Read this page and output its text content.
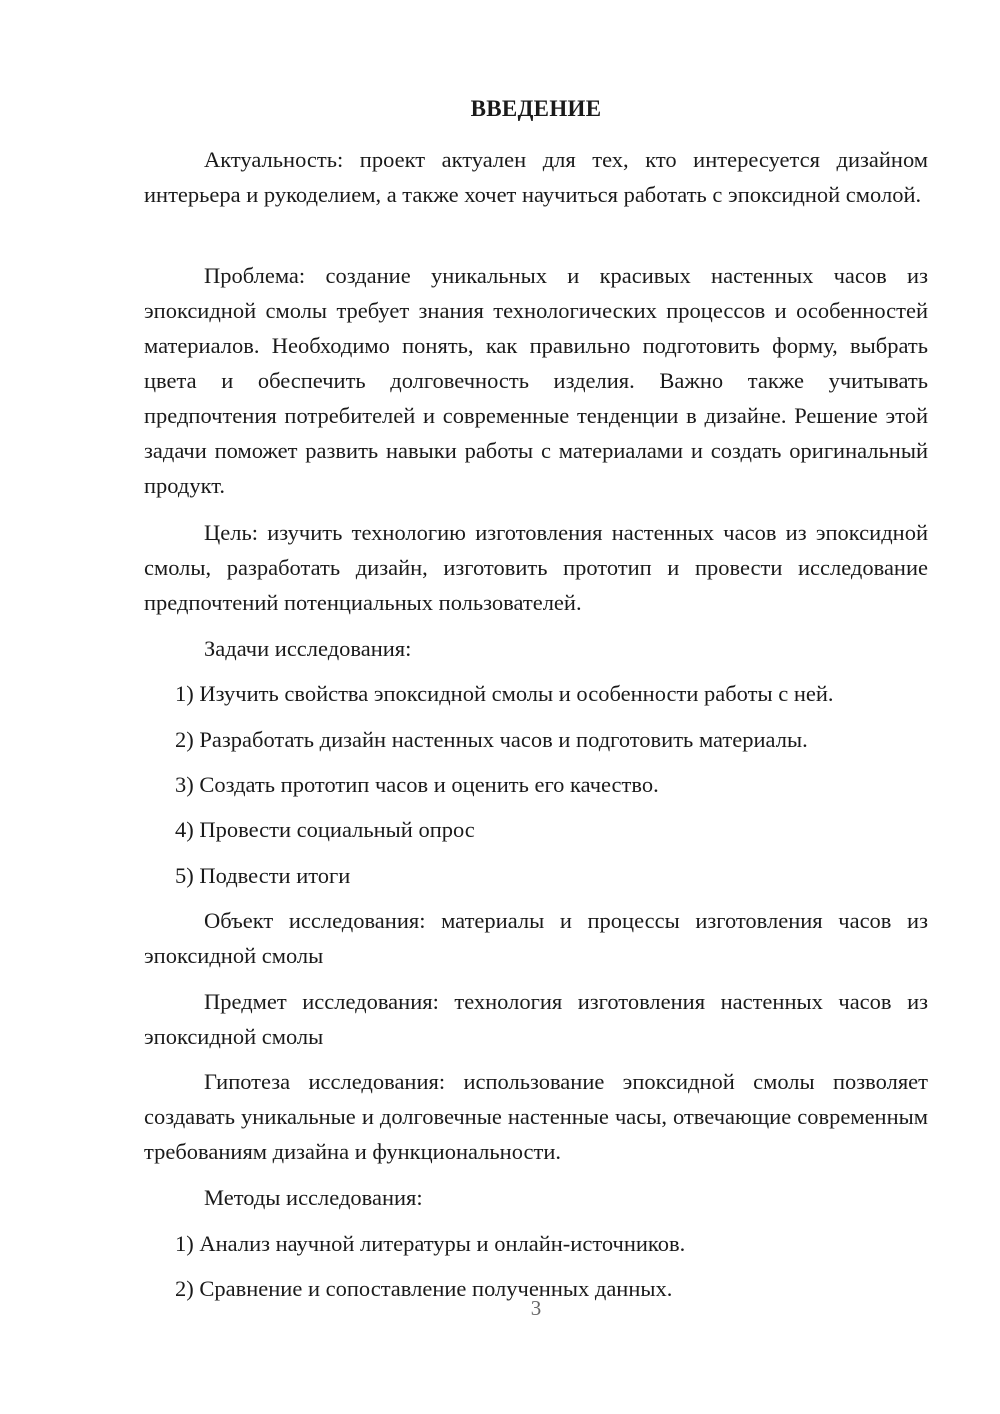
ВВЕДЕНИЕ

Актуальность: проект актуален для тех, кто интересуется дизайном интерьера и рукоделием, а также хочет научиться работать с эпоксидной смолой.

Проблема: создание уникальных и красивых настенных часов из эпоксидной смолы требует знания технологических процессов и особенностей материалов. Необходимо понять, как правильно подготовить форму, выбрать цвета и обеспечить долговечность изделия. Важно также учитывать предпочтения потребителей и современные тенденции в дизайне. Решение этой задачи поможет развить навыки работы с материалами и создать оригинальный продукт.

Цель: изучить технологию изготовления настенных часов из эпоксидной смолы, разработать дизайн, изготовить прототип и провести исследование предпочтений потенциальных пользователей.

Задачи исследования:
1) Изучить свойства эпоксидной смолы и особенности работы с ней.
2) Разработать дизайн настенных часов и подготовить материалы.
3) Создать прототип часов и оценить его качество.
4) Провести социальный опрос
5) Подвести итоги

Объект исследования: материалы и процессы изготовления часов из эпоксидной смолы

Предмет исследования: технология изготовления настенных часов из эпоксидной смолы

Гипотеза исследования: использование эпоксидной смолы позволяет создавать уникальные и долговечные настенные часы, отвечающие современным требованиям дизайна и функциональности.

Методы исследования:
1) Анализ научной литературы и онлайн-источников.
2) Сравнение и сопоставление полученных данных.
3
